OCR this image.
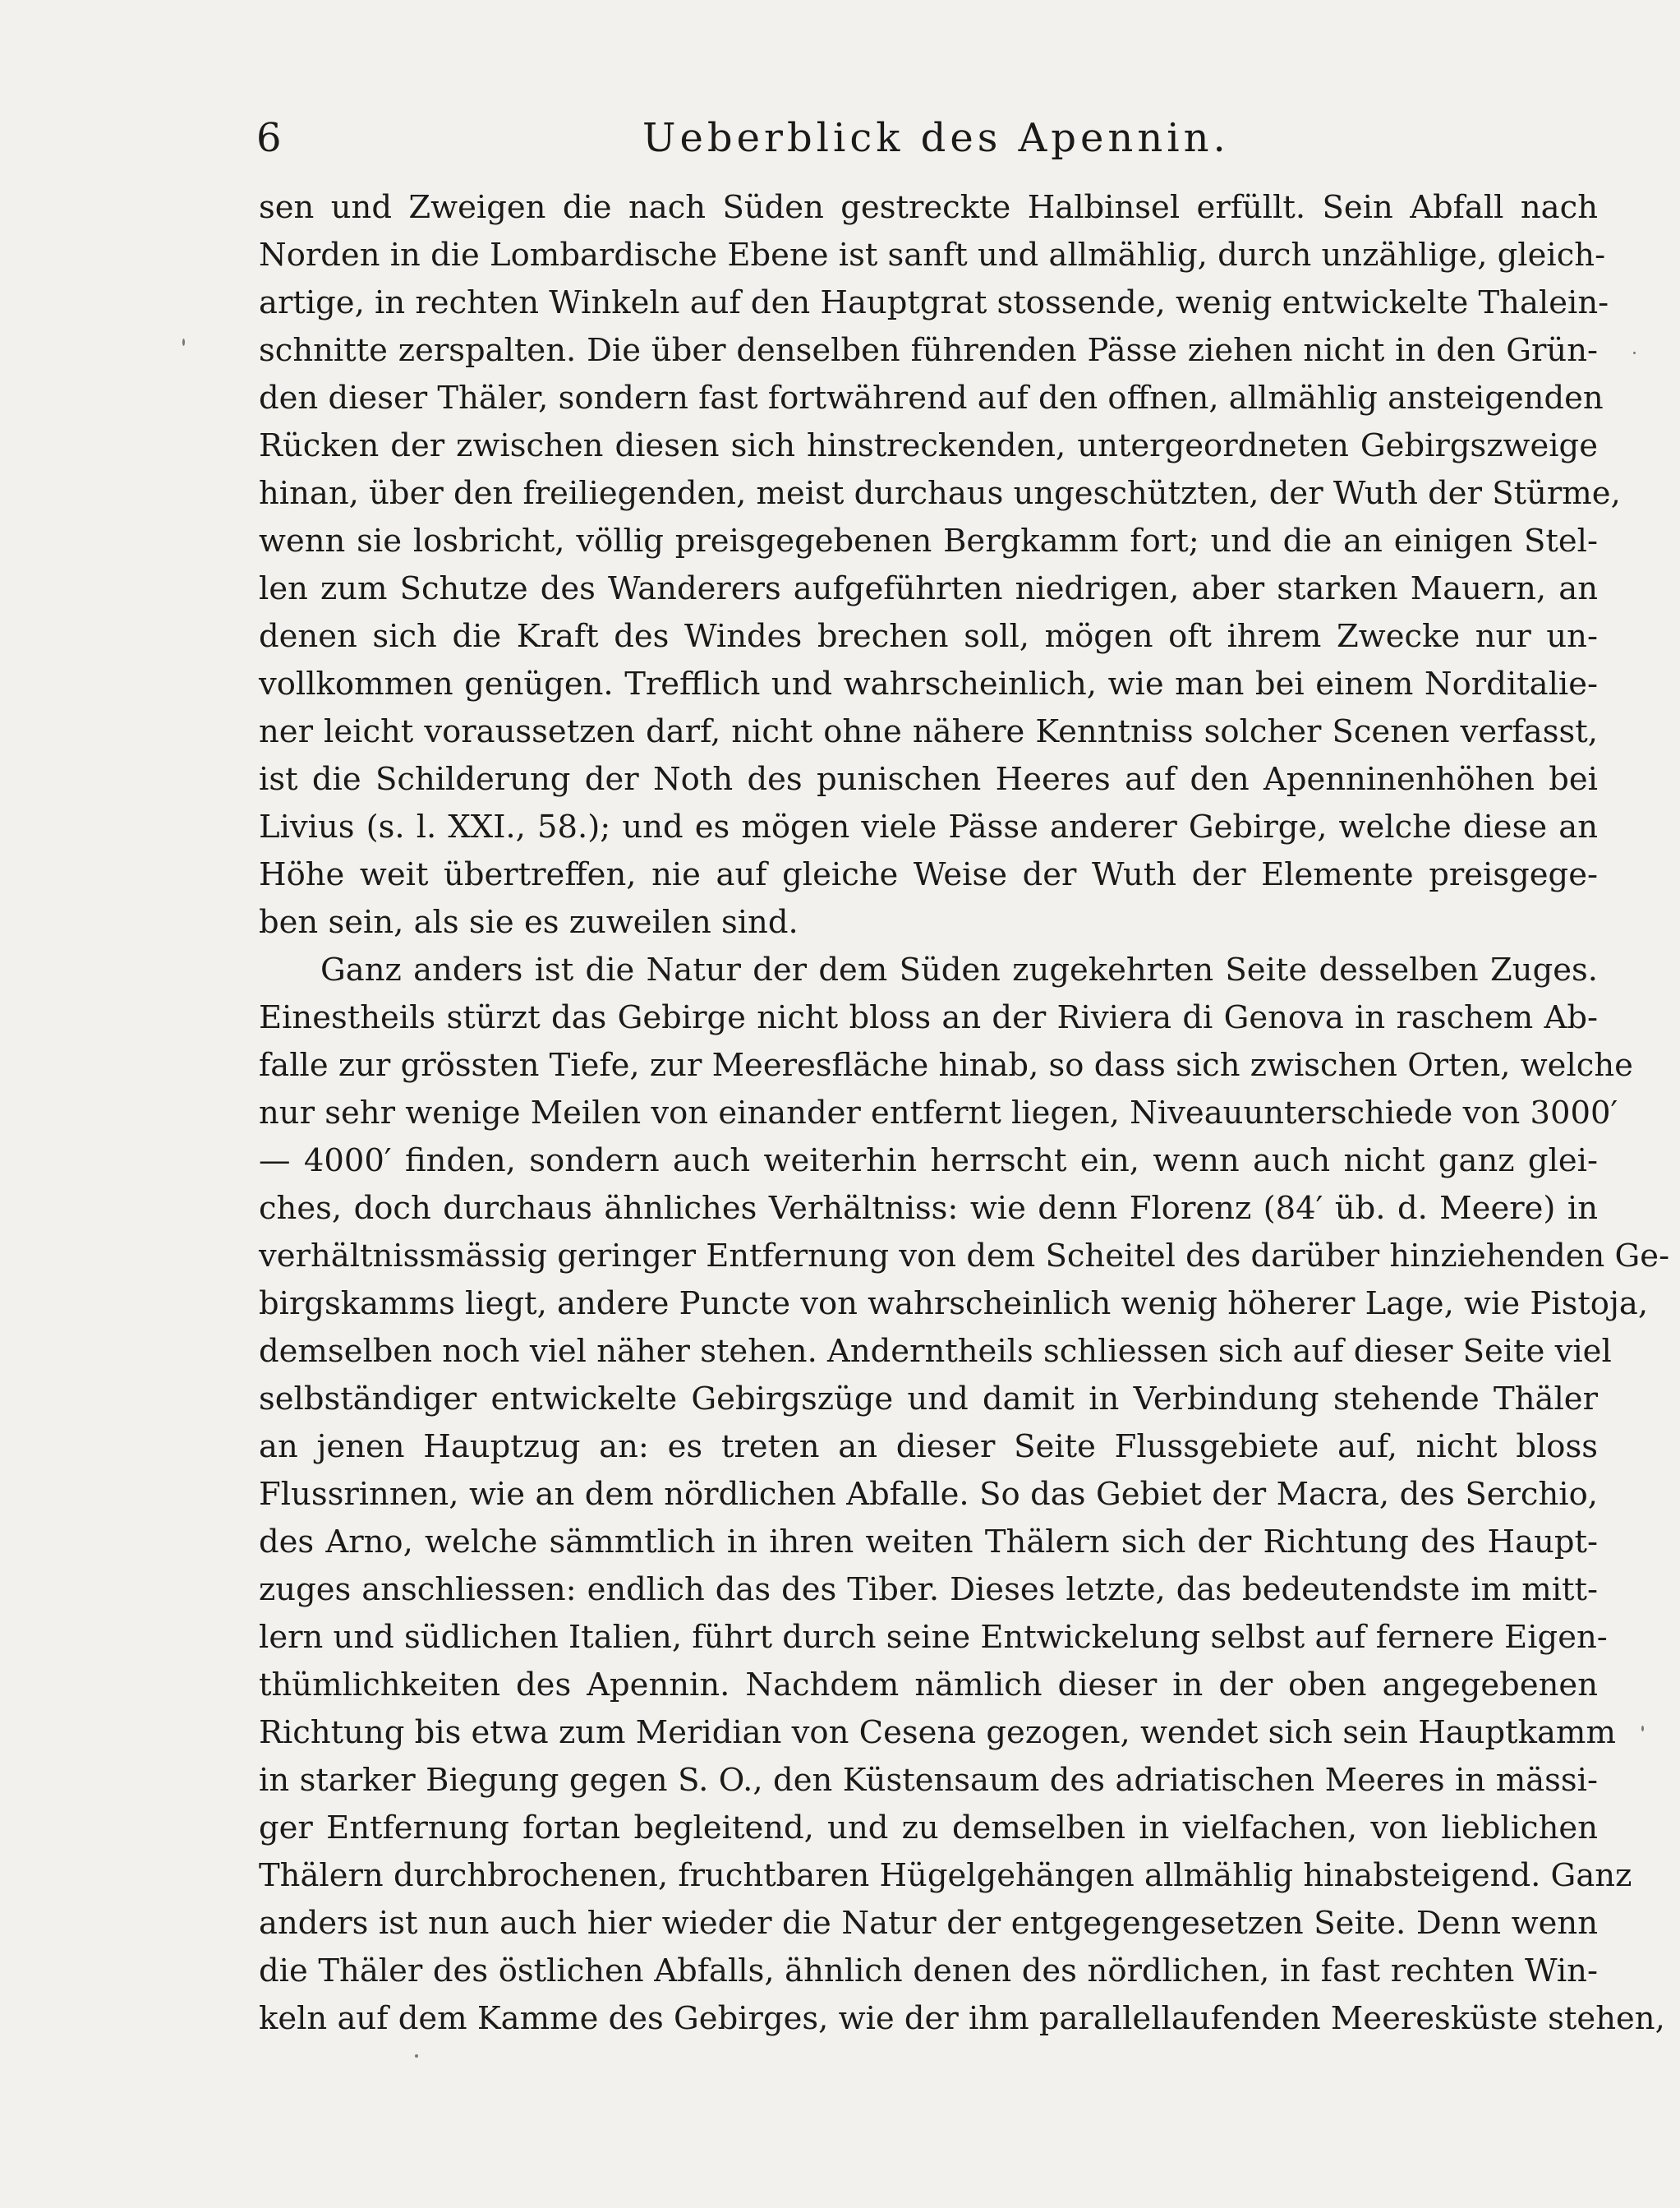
6	Ueberblick des Apennin.
sen und Zweigen die nach Süden gestreckte Halbinsel erfüllt. Sein Abfall nach
Norden in die Lombardische Ebene ist sanft und allmählig, durch unzählige, gleich-
artige, in rechten Winkeln auf den Hauptgrat stossende, wenig entwickelte Thalein-
schnitte zerspalten. Die über denselben führenden Pässe ziehen nicht in den Grün-
den dieser Thäler, sondern fast fortwährend auf den offnen, allmählig ansteigenden
Rücken der zwischen diesen sich hinstreckenden, untergeordneten Gebirgszweige
hinan, über den freiliegenden, meist durchaus ungeschützten, der Wuth der Stürme,
wenn sie losbricht, völlig preisgegebenen Bergkamm fort; und die an einigen Stel-
len zum Schutze des Wanderers aufgeführten niedrigen, aber starken Mauern, an
denen sich die Kraft des Windes brechen soll, mögen oft ihrem Zwecke nur un-
vollkommen genügen. Trefflich und wahrscheinlich, wie man bei einem Norditalie-
ner leicht voraussetzen darf, nicht ohne nähere Kenntniss solcher Scenen verfasst,
ist die Schilderung der Noth des punischen Heeres auf den Apenninenhöhen bei
Livius (s. l. XXI., 58.); und es mögen viele Pässe anderer Gebirge, welche diese an
Höhe weit übertreffen, nie auf gleiche Weise der Wuth der Elemente preisgege-
ben sein, als sie es zuweilen sind.
Ganz anders ist die Natur der dem Süden zugekehrten Seite desselben Zuges.
Einestheils stürzt das Gebirge nicht bloss an der Riviera di Genova in raschem Ab-
falle zur grössten Tiefe, zur Meeresfläche hinab, so dass sich zwischen Orten, welche
nur sehr wenige Meilen von einander entfernt liegen, Niveauunterschiede von 3000′
— 4000′ finden, sondern auch weiterhin herrscht ein, wenn auch nicht ganz glei-
ches, doch durchaus ähnliches Verhältniss: wie denn Florenz (84′ üb. d. Meere) in
verhältnissmässig geringer Entfernung von dem Scheitel des darüber hinziehenden Ge-
birgskamms liegt, andere Puncte von wahrscheinlich wenig höherer Lage, wie Pistoja,
demselben noch viel näher stehen. Anderntheils schliessen sich auf dieser Seite viel
selbständiger entwickelte Gebirgszüge und damit in Verbindung stehende Thäler
an jenen Hauptzug an: es treten an dieser Seite Flussgebiete auf, nicht bloss
Flussrinnen, wie an dem nördlichen Abfalle. So das Gebiet der Macra, des Serchio,
des Arno, welche sämmtlich in ihren weiten Thälern sich der Richtung des Haupt-
zuges anschliessen: endlich das des Tiber. Dieses letzte, das bedeutendste im mitt-
lern und südlichen Italien, führt durch seine Entwickelung selbst auf fernere Eigen-
thümlichkeiten des Apennin. Nachdem nämlich dieser in der oben angegebenen
Richtung bis etwa zum Meridian von Cesena gezogen, wendet sich sein Hauptkamm
in starker Biegung gegen S. O., den Küstensaum des adriatischen Meeres in mässi-
ger Entfernung fortan begleitend, und zu demselben in vielfachen, von lieblichen
Thälern durchbrochenen, fruchtbaren Hügelgehängen allmählig hinabsteigend. Ganz
anders ist nun auch hier wieder die Natur der entgegengesetzen Seite. Denn wenn
die Thäler des östlichen Abfalls, ähnlich denen des nördlichen, in fast rechten Win-
keln auf dem Kamme des Gebirges, wie der ihm parallellaufenden Meeresküste stehen,
